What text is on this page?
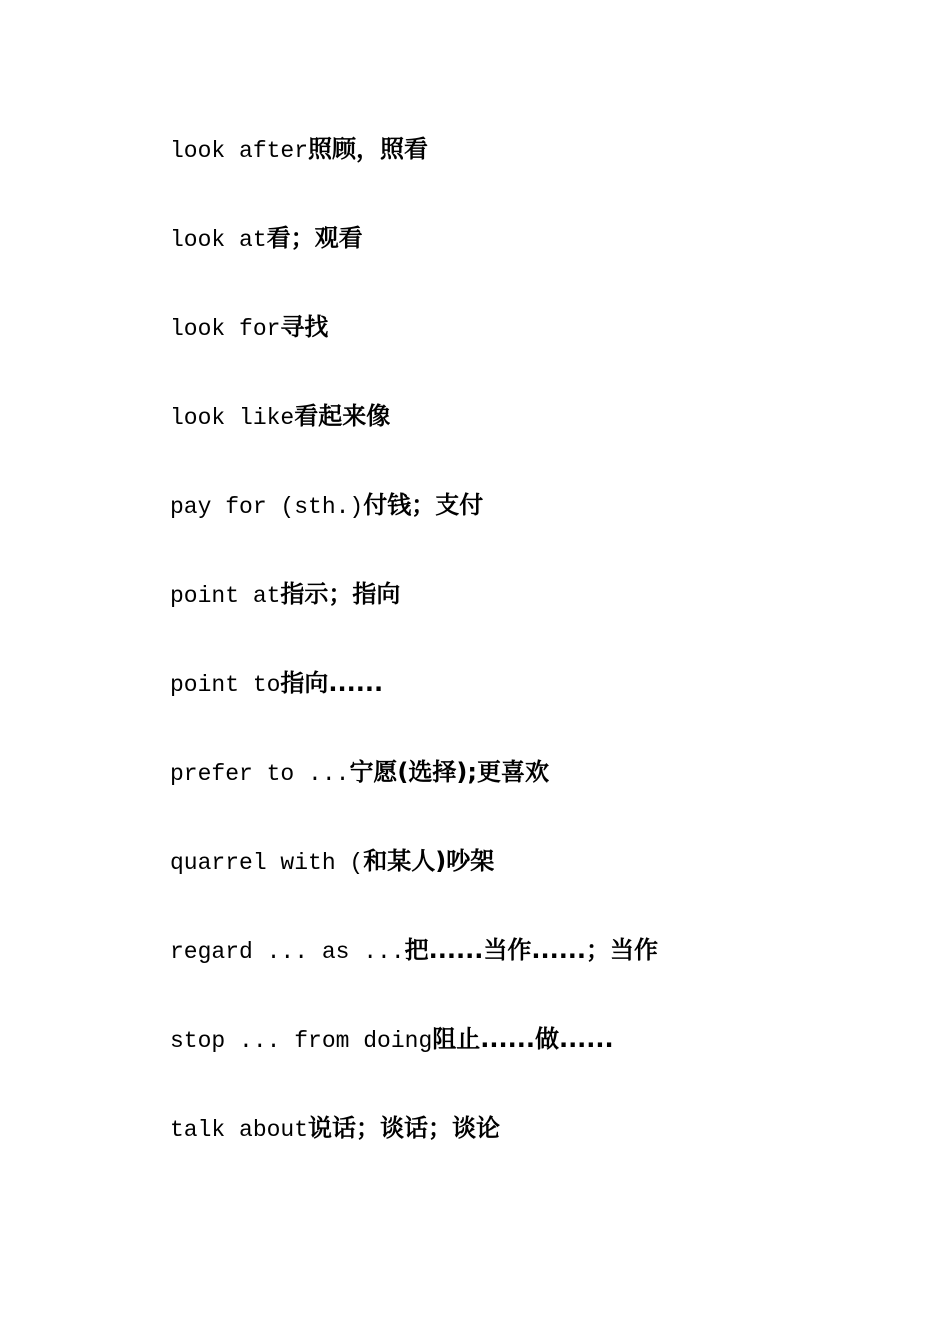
look after照顾，照看
look at看；观看
look for寻找
look like看起来像
pay for (sth.)付钱；支付
point at指示；指向
point to指向......
prefer to ...宁愿(选择);更喜欢
quarrel with (和某人)吵架
regard ... as ...把......当作......；当作
stop ... from doing阻止......做......
talk about说话；谈话；谈论
